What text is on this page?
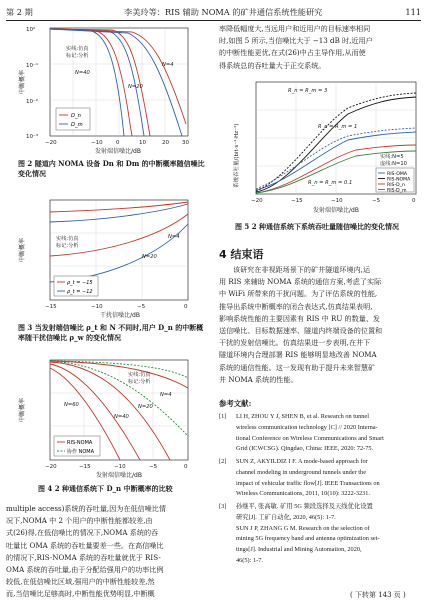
第 2 期	李美玲等：RIS 辅助 NOMA 的矿井通信系统性能研究	111
10⁰
10⁻¹
10⁻²
10⁻³
−20	−10 0	10	20 30
发射端信噪比/dB
中断概率
实线:仿真
标记:分析
N=40
N=20
N=4
D_n
D_m
图 2 隧道内 NOMA 设备 Dn 和 Dm 的中断概率随信噪比变化情况
−15	−10	−5	0
干扰信噪比/dB
中断概率	实线:仿真
标记:分析
N=4
N=20
ρ_t = −15
ρ_t = −12
图 3 当发射端信噪比 ρ_t 和 N 不同时,用户 D_n 的中断概率随干扰信噪比 ρ_w 的变化情况
−20	−15	−10	−5	0
发射端信噪比/dB
中断概率
实线:仿真
标记:分析
N=4
N=20
N=40
N=60
RIS-NOMA
协作 NOMA
图 4 2 种通信系统下 D_n 中断概率的比较
multiple access)系统的吞吐量,因为在低信噪比情
况下,NOMA 中 2 个用户的中断性能都较差,由
式(26)得,在低信噪比的情况下,NOMA 系统的吞
吐量比 OMA 系统的吞吐量要差一些。在高信噪比
的情况下,RIS-NOMA 系统的吞吐量就优于 RIS-
OMA 系统的吞吐量,由于分配给强用户的功率比例
较低,在低信噪比区域,强用户的中断性能较差,然
而,当信噪比足够高时,中断性能优势明显,中断概
率降低幅度大,当远用户和近用户的目标速率相同
时,如图 5 所示,当信噪比大于 −13 dB 时,近用户
的中断性能更优,在式(26)中占主导作用,从而使
得系统总的吞吐量大于正交系统。
−20	−15	−10	−5	0
发射端信噪比/dB
系统吞吐量/(bit·s⁻¹·Hz⁻¹)
R_n = R_m = 3
R_n = R_m = 1
R_n = R_m = 0.1
实线:N=5
虚线:N=10
RIS-OMA
RIS-NOMA
RIS-D_n
RIS-D_m
图 5 2 种通信系统下系统吞吐量随信噪比的变化情况
4 结束语
该研究在非视距场景下的矿井隧道环境内,运
用 RIS 来辅助 NOMA 系统的通信方案,考虑了实际
中 WiFi 所带来的干扰问题。为了评估系统的性能,
推导出系统中断概率的闭合表达式,仿真结果表明,
影响系统性能的主要因素有 RIS 中 RU 的数量、发
送信噪比、目标数据速率、隧道内终端设备的位置和
干扰的发射信噪比。仿真结果进一步表明,在井下
隧道环境内合理部署 RIS 能够明显地改善 NOMA
系统的通信性能。这一发现有助于提升未来智慧矿
井 NOMA 系统的性能。
参考文献:
[1] LI H, ZHOU Y J, SHEN B, et al. Research on tunnel
wireless communication technology [C] // 2020 Interna-
tional Conference on Wireless Communications and Smart
Grid (ICWCSG). Qingdao, China: IEEE, 2020: 72-75.
[2] SUN Z, AKYILDIZ I F. A mode-based approach for
channel modeling in underground tunnels under the
impact of vehicular traffic flow[J]. IEEE Transactions on
Wireless Communications, 2011, 10(10): 3222-3231.
[3] 孙继平, 张高敏. 矿用 5G 频段选择及天线优化设置
研究[J]. 工矿自动化, 2020, 46(5): 1-7.
SUN J P, ZHANG G M. Research on the selection of
mining 5G frequency band and antenna optimization set-
tings[J]. Industrial and Mining Automation, 2020,
46(5): 1-7.
( 下转第 143 页 )
